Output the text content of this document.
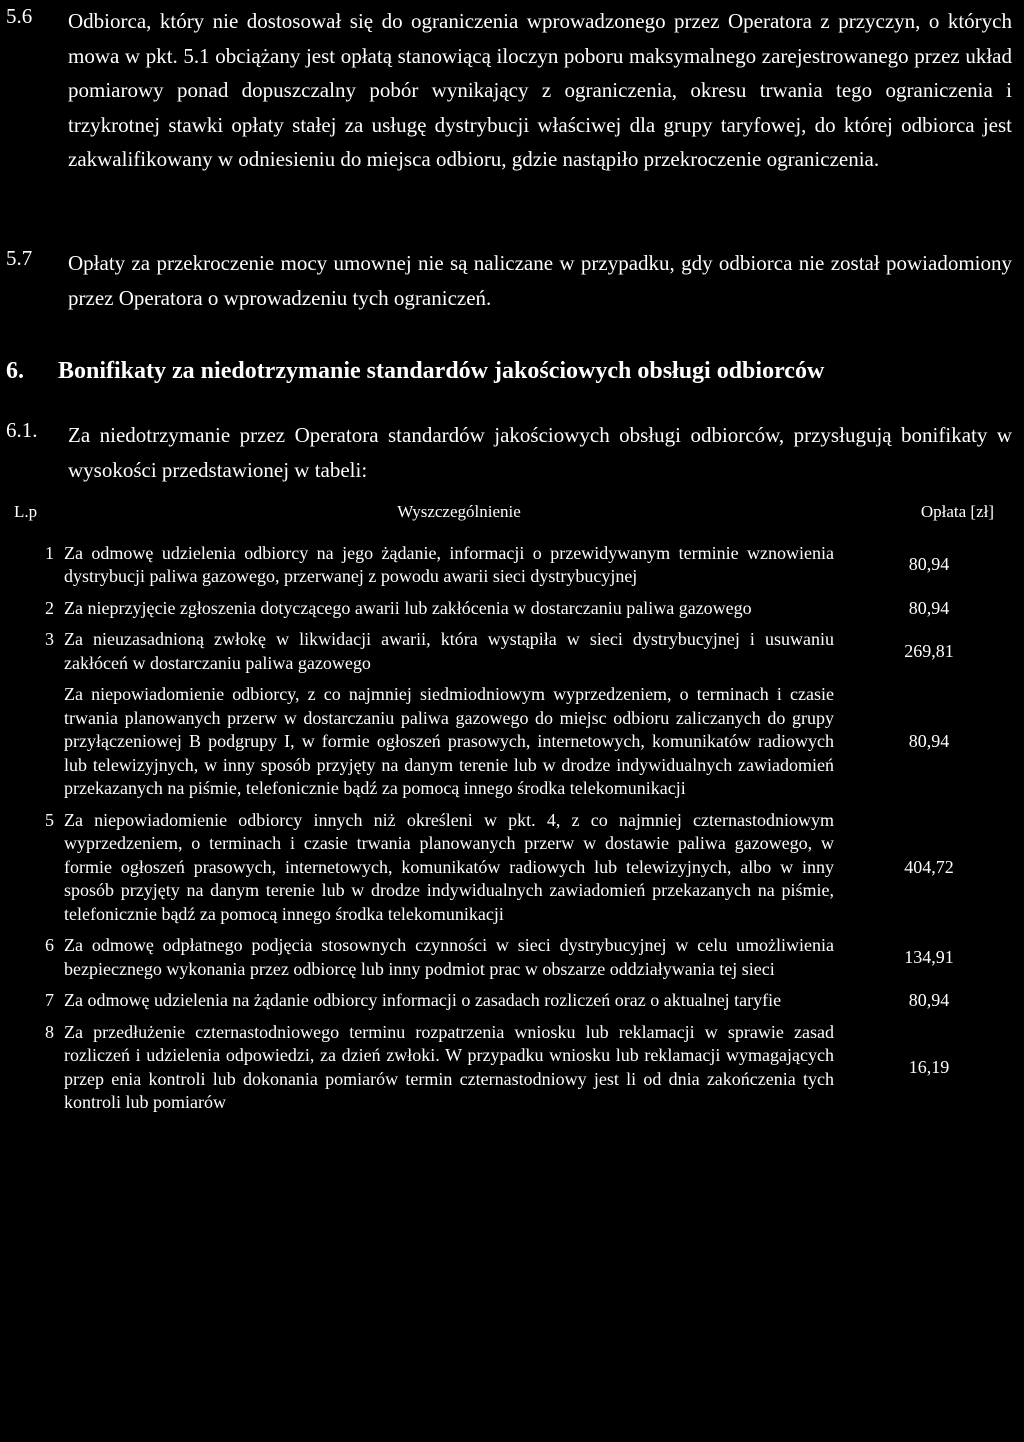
5.6	Odbiorca, który nie dostosował się do ograniczenia wprowadzonego przez Operatora z przyczyn, o których mowa w pkt. 5.1 obciążany jest opłatą stanowiącą iloczyn poboru maksymalnego zarejestrowanego przez układ pomiarowy ponad dopuszczalny pobór wynikający z ograniczenia, okresu trwania tego ograniczenia i trzykrotnej stawki opłaty stałej za usługę dystrybucji właściwej dla grupy taryfowej, do której odbiorca jest zakwalifikowany w odniesieniu do miejsca odbioru, gdzie nastąpiło przekroczenie ograniczenia.
5.7	Opłaty za przekroczenie mocy umownej nie są naliczane w przypadku, gdy odbiorca nie został powiadomiony przez Operatora o wprowadzeniu tych ograniczeń.
6.	Bonifikaty za niedotrzymanie standardów jakościowych obsługi odbiorców
6.1.	Za niedotrzymanie przez Operatora standardów jakościowych obsługi odbiorców, przysługują bonifikaty w wysokości przedstawionej w tabeli:
L.p	Wyszczególnienie	Opłata [zł]
1	Za odmowę udzielenia odbiorcy na jego żądanie, informacji o przewidywanym terminie wznowienia dystrybucji paliwa gazowego, przerwanej z powodu awarii sieci dystrybucyjnej	80,94
2	Za nieprzyjęcie zgłoszenia dotyczącego awarii lub zakłócenia w dostarczaniu paliwa gazowego	80,94
3	Za nieuzasadnioną zwłokę w likwidacji awarii, która wystąpiła w sieci dystrybucyjnej i usuwaniu zakłóceń w dostarczaniu paliwa gazowego	269,81
	Za niepowiadomienie odbiorcy, z co najmniej siedmiodniowym wyprzedzeniem, o terminach i czasie trwania planowanych przerw w dostarczaniu paliwa gazowego do miejsc odbioru zaliczanych do grupy przyłączeniowej B podgrupy I, w formie ogłoszeń prasowych, internetowych, komunikatów radiowych lub telewizyjnych, w inny sposób przyjęty na danym terenie lub w drodze indywidualnych zawiadomień przekazanych na piśmie, telefonicznie bądź za pomocą innego środka telekomunikacji	80,94
5	Za niepowiadomienie odbiorcy innych niż określeni w pkt. 4, z co najmniej czternastodniowym wyprzedzeniem, o terminach i czasie trwania planowanych przerw w dostawie paliwa gazowego, w formie ogłoszeń prasowych, internetowych, komunikatów radiowych lub telewizyjnych, albo w inny sposób przyjęty na danym terenie lub w drodze indywidualnych zawiadomień przekazanych na piśmie, telefonicznie bądź za pomocą innego środka telekomunikacji	404,72
6	Za odmowę odpłatnego podjęcia stosownych czynności w sieci dystrybucyjnej w celu umożliwienia bezpiecznego wykonania przez odbiorcę lub inny podmiot prac w obszarze oddziaływania tej sieci	134,91
7	Za odmowę udzielenia na żądanie odbiorcy informacji o zasadach rozliczeń oraz o aktualnej taryfie	80,94
8	Za przedłużenie czternastodniowego terminu rozpatrzenia wniosku lub reklamacji w sprawie zasad rozliczeń i udzielenia odpowiedzi, za dzień zwłoki. W przypadku wniosku lub reklamacji wymagających przep enia kontroli lub dokonania pomiarów termin czternastodniowy jest li od dnia zakończenia tych kontroli lub pomiarów	16,19
